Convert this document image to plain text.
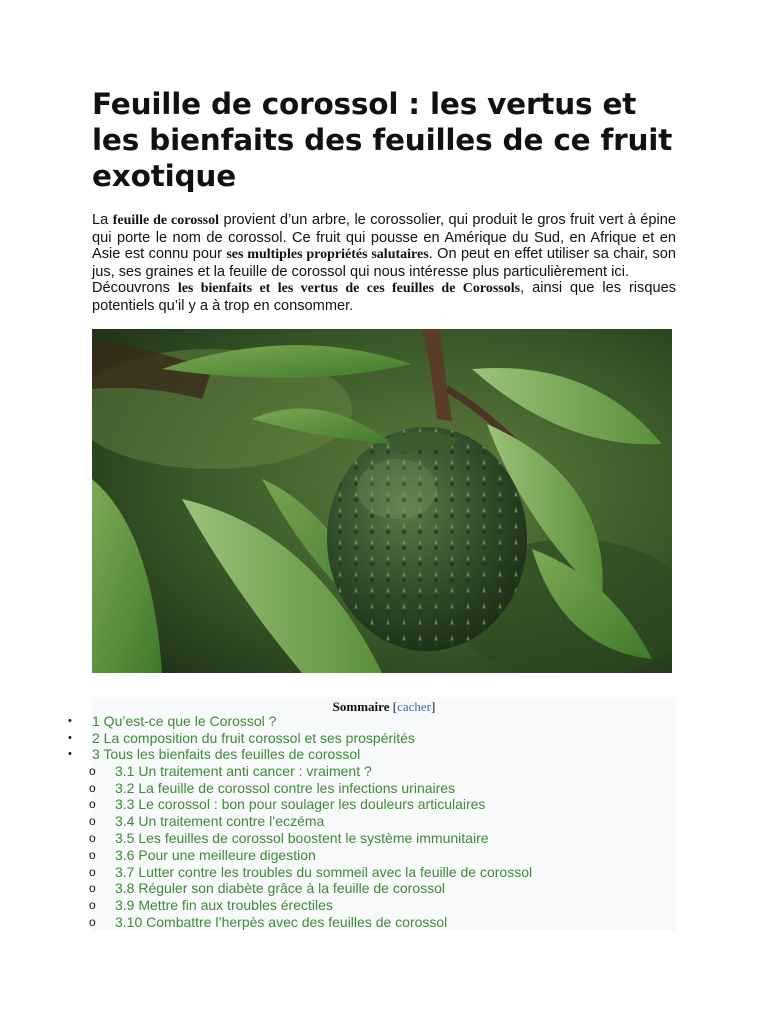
Feuille de corossol : les vertus et les bienfaits des feuilles de ce fruit exotique

La feuille de corossol provient d’un arbre, le corossolier, qui produit le gros fruit vert à épine qui porte le nom de corossol. Ce fruit qui pousse en Amérique du Sud, en Afrique et en Asie est connu pour ses multiples propriétés salutaires. On peut en effet utiliser sa chair, son jus, ses graines et la feuille de corossol qui nous intéresse plus particulièrement ici.

Découvrons les bienfaits et les vertus de ces feuilles de Corossols, ainsi que les risques potentiels qu’il y a à trop en consommer.

Sommaire [cacher]
• 1 Qu’est-ce que le Corossol ?
• 2 La composition du fruit corossol et ses prospérités
• 3 Tous les bienfaits des feuilles de corossol
o 3.1 Un traitement anti cancer : vraiment ?
o 3.2 La feuille de corossol contre les infections urinaires
o 3.3 Le corossol : bon pour soulager les douleurs articulaires
o 3.4 Un traitement contre l’eczéma
o 3.5 Les feuilles de corossol boostent le système immunitaire
o 3.6 Pour une meilleure digestion
o 3.7 Lutter contre les troubles du sommeil avec la feuille de corossol
o 3.8 Réguler son diabète grâce à la feuille de corossol
o 3.9 Mettre fin aux troubles érectiles
o 3.10 Combattre l’herpès avec des feuilles de corossol
